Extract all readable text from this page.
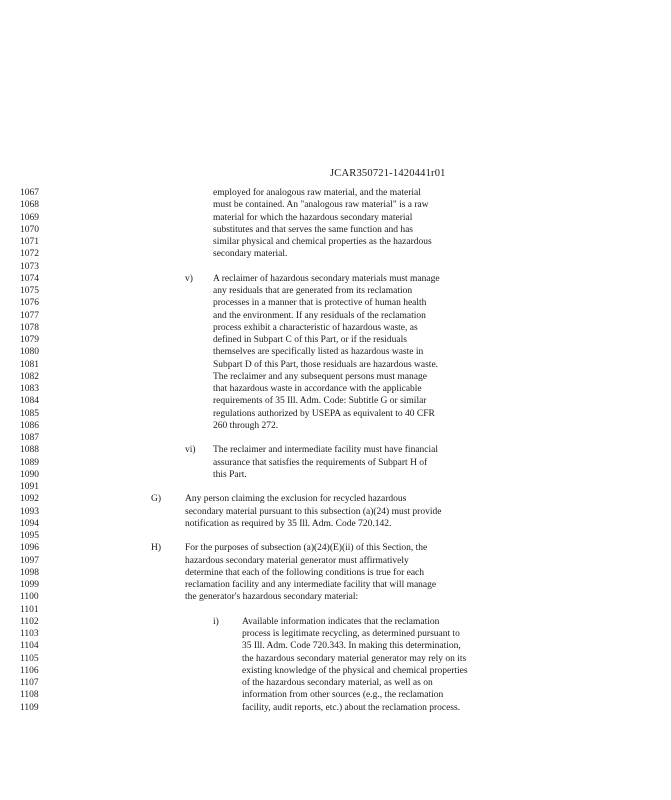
JCAR350721-1420441r01
1067
1068
1069
1070
1071
1072
1073
1074
1075
1076
1077
1078
1079
1080
1081
1082
1083
1084
1085
1086
1087
1088
1089
1090
1091
1092
1093
1094
1095
1096
1097
1098
1099
1100
1101
1102
1103
1104
1105
1106
1107
1108
1109
v)
vi)
G)
H)
i)
employed for analogous raw material, and the material
must be contained. An "analogous raw material" is a raw
material for which the hazardous secondary material
substitutes and that serves the same function and has
similar physical and chemical properties as the hazardous
secondary material.
A reclaimer of hazardous secondary materials must manage
any residuals that are generated from its reclamation
processes in a manner that is protective of human health
and the environment. If any residuals of the reclamation
process exhibit a characteristic of hazardous waste, as
defined in Subpart C of this Part, or if the residuals
themselves are specifically listed as hazardous waste in
Subpart D of this Part, those residuals are hazardous waste.
The reclaimer and any subsequent persons must manage
that hazardous waste in accordance with the applicable
requirements of 35 Ill. Adm. Code: Subtitle G or similar
regulations authorized by USEPA as equivalent to 40 CFR
260 through 272.
The reclaimer and intermediate facility must have financial
assurance that satisfies the requirements of Subpart H of
this Part.
Any person claiming the exclusion for recycled hazardous
secondary material pursuant to this subsection (a)(24) must provide
notification as required by 35 Ill. Adm. Code 720.142.
For the purposes of subsection (a)(24)(E)(ii) of this Section, the
hazardous secondary material generator must affirmatively
determine that each of the following conditions is true for each
reclamation facility and any intermediate facility that will manage
the generator's hazardous secondary material:
Available information indicates that the reclamation
process is legitimate recycling, as determined pursuant to
35 Ill. Adm. Code 720.343. In making this determination,
the hazardous secondary material generator may rely on its
existing knowledge of the physical and chemical properties
of the hazardous secondary material, as well as on
information from other sources (e.g., the reclamation
facility, audit reports, etc.) about the reclamation process.
